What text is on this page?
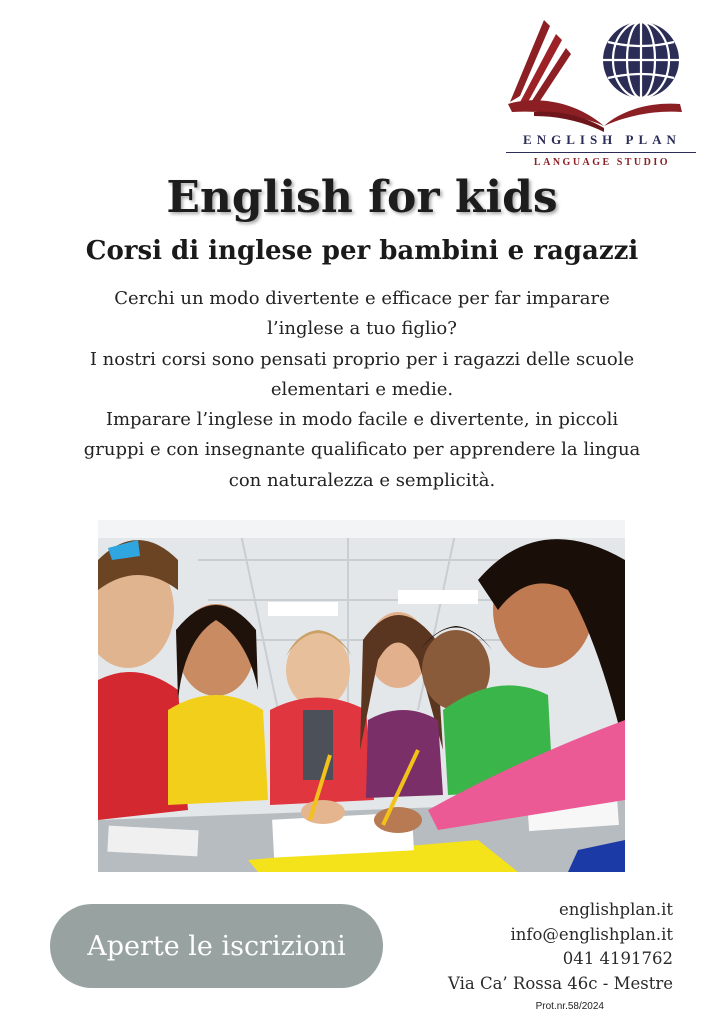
ENGLISH PLAN
LANGUAGE STUDIO
English for kids
Corsi di inglese per bambini e ragazzi

Cerchi un modo divertente e efficace per far imparare

l’inglese a tuo figlio?

I nostri corsi sono pensati proprio per i ragazzi delle scuole

elementari e medie.

Imparare l’inglese in modo facile e divertente, in piccoli

gruppi e con insegnante qualificato per apprendere la lingua

con naturalezza e semplicità.

Aperte le iscrizioni
englishplan.it
info@englishplan.it
041 4191762
Via Ca’ Rossa 46c - Mestre
Prot.nr.58/2024
